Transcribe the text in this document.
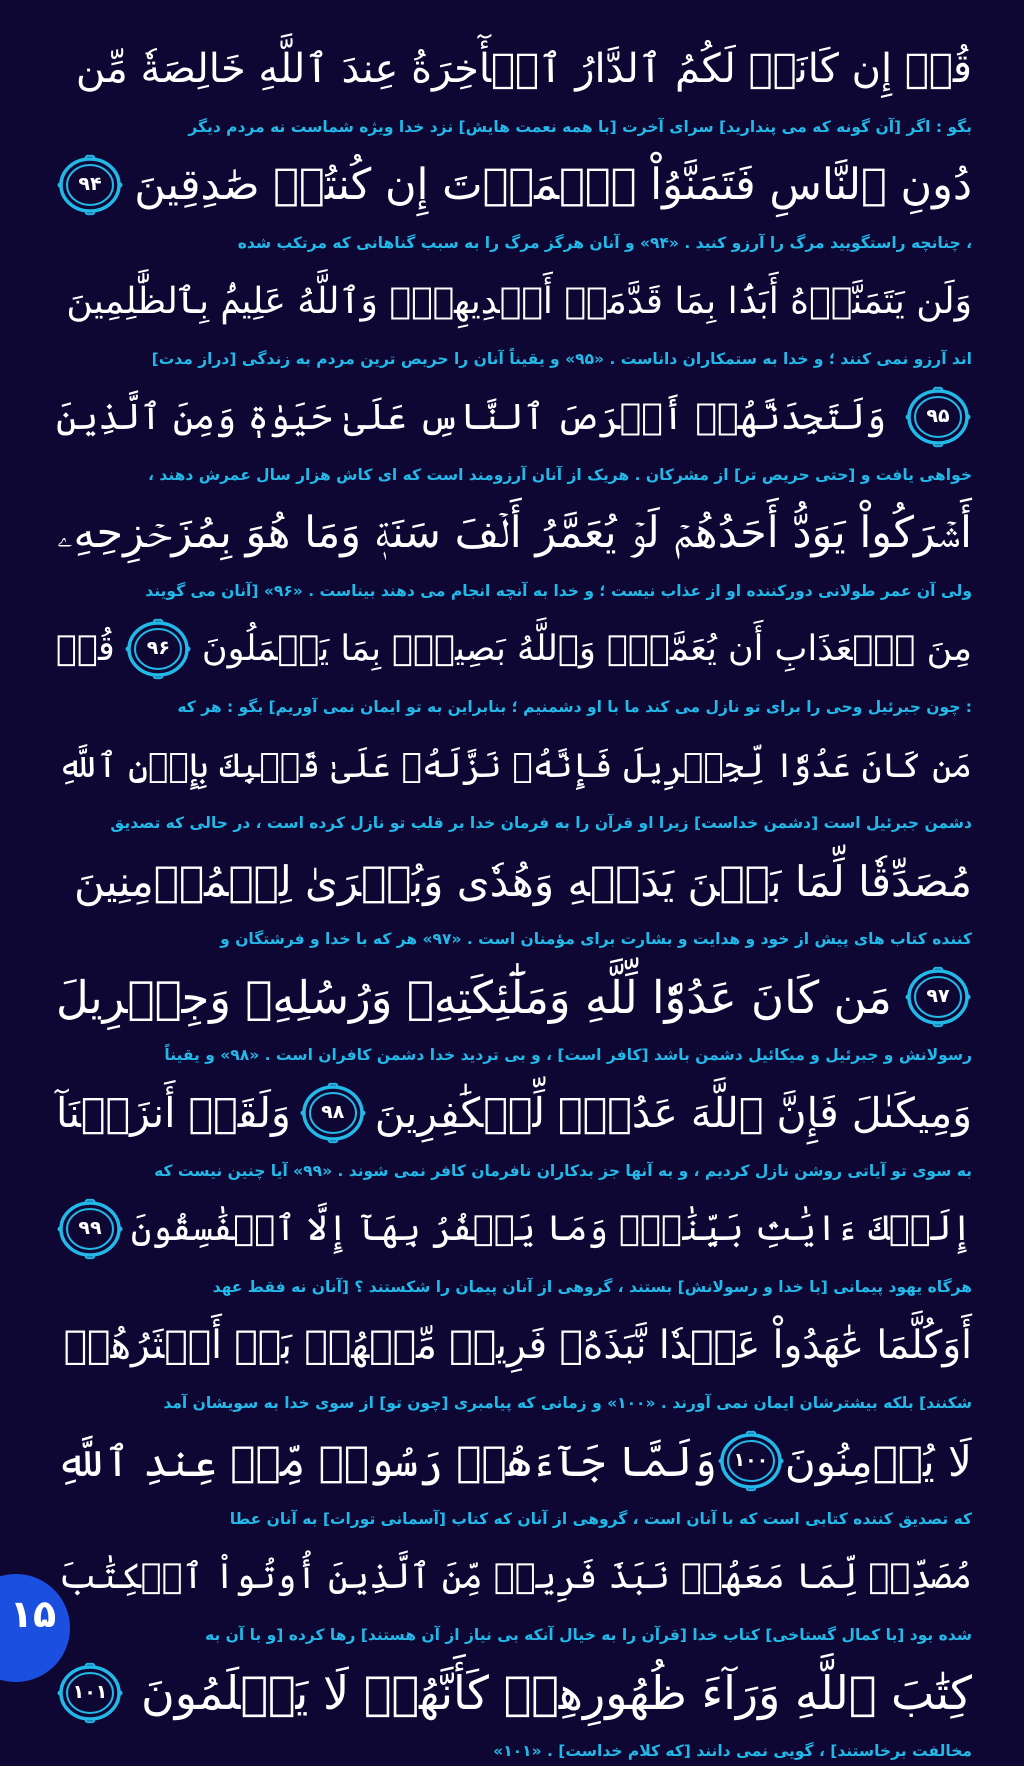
قُلۡ إِن كَانَتۡ لَكُمُ ٱلدَّارُ ٱلۡأٓخِرَةُ عِندَ ٱللَّهِ خَالِصَةٗ مِّن
بگو : اگر [آن گونه که می پندارید] سرای آخرت [با همه نعمت هایش] نزد خدا ویژه شماست نه مردم دیگر
دُونِ ٱلنَّاسِ فَتَمَنَّوُاْ ٱلۡمَوۡتَ إِن كُنتُمۡ صَٰدِقِينَ
۹۴
، چنانچه راستگویید مرگ را آرزو کنید . «۹۴» و آنان هرگز مرگ را به سبب گناهانی که مرتکب شده
وَلَن يَتَمَنَّوۡهُ أَبَدَۢا بِمَا قَدَّمَتۡ أَيۡدِيهِمۡۚ وَٱللَّهُ عَلِيمُۢ بِٱلظَّٰلِمِينَ
اند آرزو نمی کنند ؛ و خدا به ستمکاران داناست . «۹۵» و یقیناً آنان را حریص ترین مردم به زندگی [دراز مدت]
۹۵
وَلَتَجِدَنَّهُمۡ أَحۡرَصَ ٱلنَّاسِ عَلَىٰ حَيَوٰةٖ وَمِنَ ٱلَّذِينَ
خواهی یافت و [حتی حریص تر] از مشرکان . هریک از آنان آرزومند است که ای کاش هزار سال عمرش دهند ،
أَشۡرَكُواْ يَوَدُّ أَحَدُهُمۡ لَوۡ يُعَمَّرُ أَلۡفَ سَنَةٖ وَمَا هُوَ بِمُزَحۡزِحِهِۦ
ولی آن عمر طولانی دورکننده او از عذاب نیست ؛ و خدا به آنچه انجام می دهند بیناست . «۹۶» [آنان می گویند
مِنَ ٱلۡعَذَابِ أَن يُعَمَّرَۗ وَٱللَّهُ بَصِيرُۢ بِمَا يَعۡمَلُونَ
۹۶
قُلۡ
: چون جبرئیل وحی را برای تو نازل می کند ما با او دشمنیم ؛ بنابراین به تو ایمان نمی آوریم] بگو : هر که
مَن كَانَ عَدُوّٗا لِّجِبۡرِيلَ فَإِنَّهُۥ نَزَّلَهُۥ عَلَىٰ قَلۡبِكَ بِإِذۡنِ ٱللَّهِ
دشمن جبرئیل است [دشمن خداست] زیرا او قرآن را به فرمان خدا بر قلب تو نازل کرده است ، در حالی که تصدیق
مُصَدِّقٗا لِّمَا بَيۡنَ يَدَيۡهِ وَهُدٗى وَبُشۡرَىٰ لِلۡمُؤۡمِنِينَ
کننده کتاب های پیش از خود و هدایت و بشارت برای مؤمنان است . «۹۷» هر که با خدا و فرشتگان و
۹۷
مَن كَانَ عَدُوّٗا لِّلَّهِ وَمَلَٰٓئِكَتِهِۦ وَرُسُلِهِۦ وَجِبۡرِيلَ
رسولانش و جبرئیل و میکائیل دشمن باشد [کافر است] ، و بی تردید خدا دشمن کافران است . «۹۸» و یقیناً
وَمِيكَىٰلَ فَإِنَّ ٱللَّهَ عَدُوّٞ لِّلۡكَٰفِرِينَ
۹۸
وَلَقَدۡ أَنزَلۡنَآ
به سوی تو آیاتی روشن نازل کردیم ، و به آنها جز بدکاران نافرمان کافر نمی شوند . «۹۹» آیا چنین نیست که
إِلَيۡكَ ءَايَٰتِۢ بَيِّنَٰتٖۖ وَمَا يَكۡفُرُ بِهَآ إِلَّا ٱلۡفَٰسِقُونَ
۹۹
هرگاه یهود پیمانی [با خدا و رسولانش] بستند ، گروهی از آنان پیمان را شکستند ؟ [آنان نه فقط عهد
أَوَكُلَّمَا عَٰهَدُواْ عَهۡدٗا نَّبَذَهُۥ فَرِيقٞ مِّنۡهُمۚ بَلۡ أَكۡثَرُهُمۡ
شکنند] بلکه بیشترشان ایمان نمی آورند . «۱۰۰» و زمانی که پیامبری [چون تو] از سوی خدا به سویشان آمد
لَا يُؤۡمِنُونَ
۱۰۰
وَلَمَّا جَآءَهُمۡ رَسُولٞ مِّنۡ عِندِ ٱللَّهِ
که تصدیق کننده کتابی است که با آنان است ، گروهی از آنان که کتاب [آسمانی تورات] به آنان عطا
مُصَدِّقٞ لِّمَا مَعَهُمۡ نَبَذَ فَرِيقٞ مِّنَ ٱلَّذِينَ أُوتُواْ ٱلۡكِتَٰبَ
شده بود [با کمال گستاخی] کتاب خدا [قرآن را به خیال آنکه بی نیاز از آن هستند] رها کرده [و با آن به
كِتَٰبَ ٱللَّهِ وَرَآءَ ظُهُورِهِمۡ كَأَنَّهُمۡ لَا يَعۡلَمُونَ
۱۰۱
مخالفت برخاستند] ، گویی نمی دانند [که کلام خداست] . «۱۰۱»
۱۵
